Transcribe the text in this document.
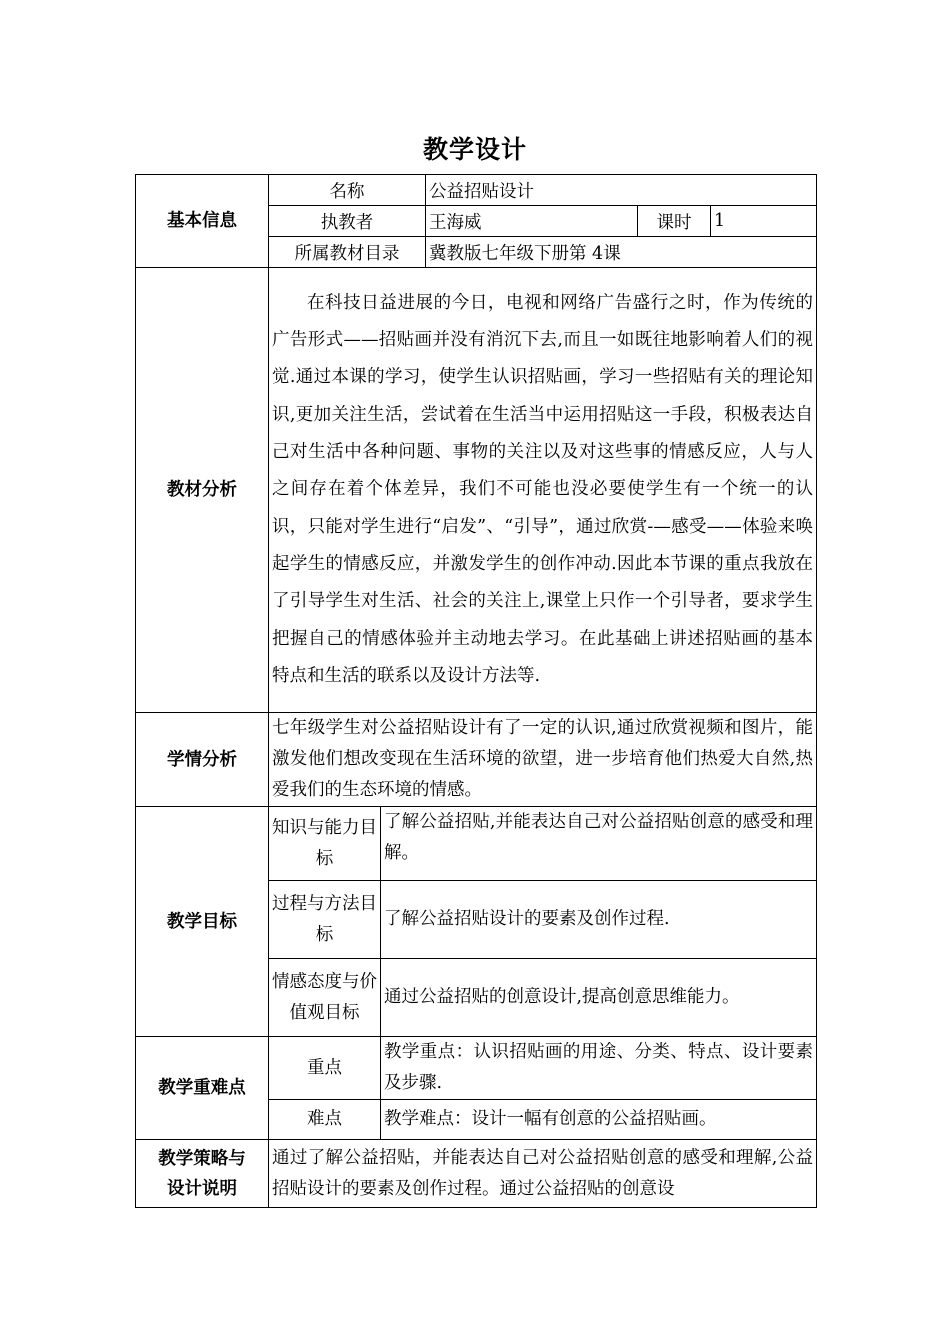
教学设计
基本信息	名称		公益招贴设计		
	执教者		王海威	课时	1
	所属教材目录		冀教版七年级下册第 4课		
教材分析	在科技日益进展的今日，电视和网络广告盛行之时，作为传统的广告形式——招贴画并没有消沉下去,而且一如既往地影响着人们的视觉.通过本课的学习，使学生认识招贴画，学习一些招贴有关的理论知识,更加关注生活，尝试着在生活当中运用招贴这一手段，积极表达自己对生活中各种问题、事物的关注以及对这些事的情感反应，人与人之间存在着个体差异，我们不可能也没必要使学生有一个统一的认识，只能对学生进行“启发”、“引导”，通过欣赏-—感受——体验来唤起学生的情感反应，并激发学生的创作冲动.因此本节课的重点我放在了引导学生对生活、社会的关注上,课堂上只作一个引导者，要求学生把握自己的情感体验并主动地去学习。在此基础上讲述招贴画的基本特点和生活的联系以及设计方法等.				
学情分析	七年级学生对公益招贴设计有了一定的认识,通过欣赏视频和图片，能激发他们想改变现在生活环境的欲望，进一步培育他们热爱大自然,热爱我们的生态环境的情感。				
教学目标	知识与能力目标	了解公益招贴,并能表达自己对公益招贴创意的感受和理解。			
	过程与方法目标	了解公益招贴设计的要素及创作过程.			
	情感态度与价值观目标	通过公益招贴的创意设计,提高创意思维能力。			
教学重难点	重点	教学重点：认识招贴画的用途、分类、特点、设计要素及步骤.			
	难点	教学难点：设计一幅有创意的公益招贴画。			
教学策略与设计说明	通过了解公益招贴，并能表达自己对公益招贴创意的感受和理解,公益招贴设计的要素及创作过程。通过公益招贴的创意设				
